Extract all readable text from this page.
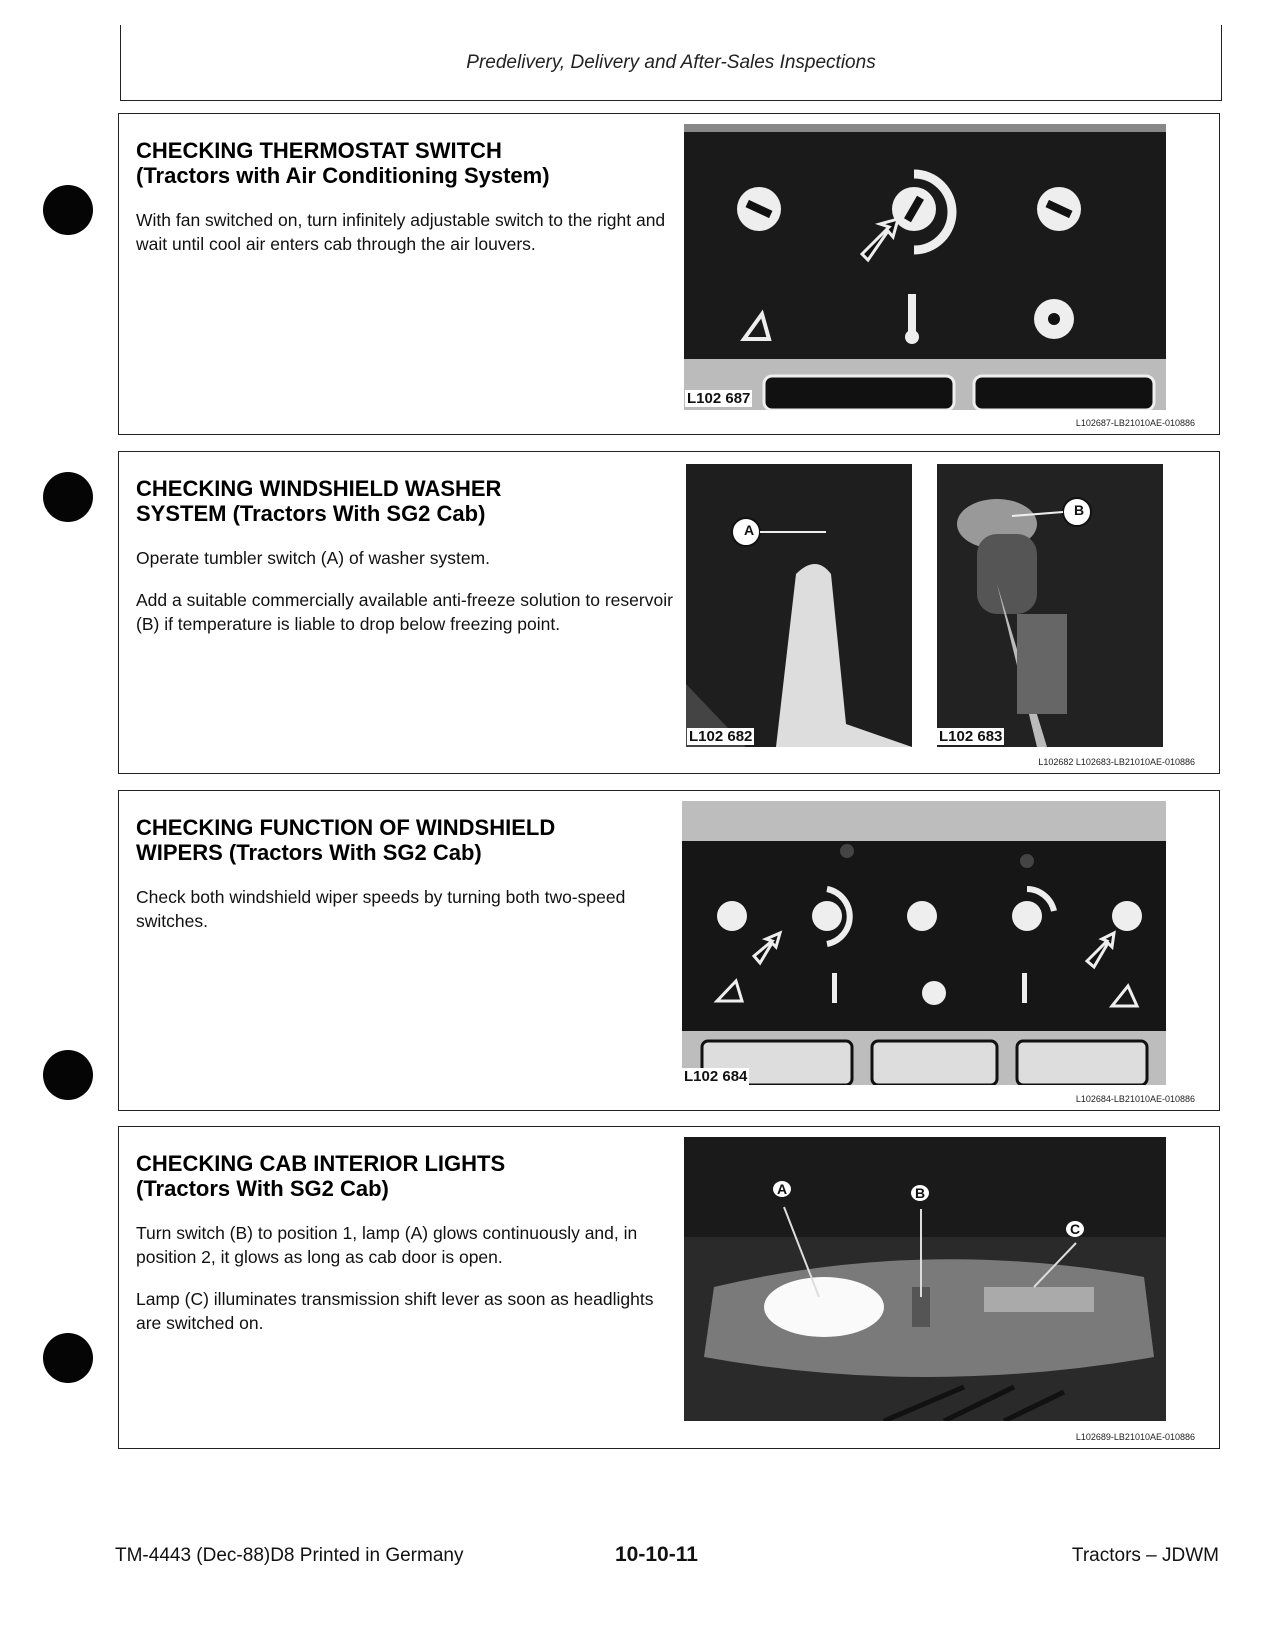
Predelivery, Delivery and After-Sales Inspections
CHECKING THERMOSTAT SWITCH
(Tractors with Air Conditioning System)

With fan switched on, turn infinitely adjustable switch to the right and wait until cool air enters cab through the air louvers.

L102 687
L102687-LB21010AE-010886
CHECKING WINDSHIELD WASHER
SYSTEM (Tractors With SG2 Cab)

Operate tumbler switch (A) of washer system.

Add a suitable commercially available anti-freeze solution to reservoir (B) if temperature is liable to drop below freezing point.

L102 682	L102 683
A
B
L102682 L102683-LB21010AE-010886
CHECKING FUNCTION OF WINDSHIELD
WIPERS (Tractors With SG2 Cab)

Check both windshield wiper speeds by turning both two-speed switches.

L102 684
L102684-LB21010AE-010886
CHECKING CAB INTERIOR LIGHTS
(Tractors With SG2 Cab)

Turn switch (B) to position 1, lamp (A) glows continuously and, in position 2, it glows as long as cab door is open.

Lamp (C) illuminates transmission shift lever as soon as headlights are switched on.

A	B
C
L102689-LB21010AE-010886
TM-4443 (Dec-88)D8 Printed in Germany	10-10-11	Tractors – JDWM
